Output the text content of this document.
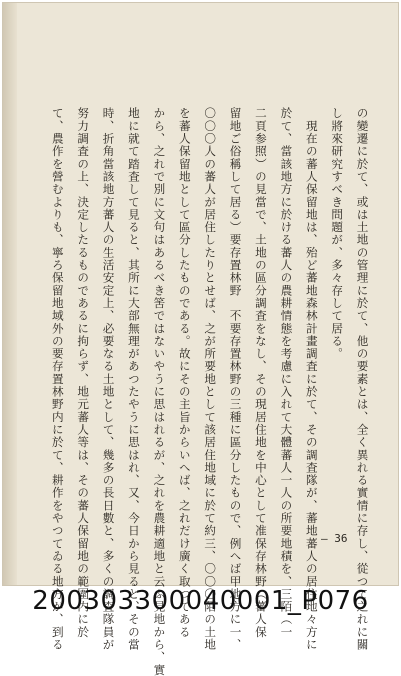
の變遷に於て、或は土地の管理に於て、他の要素とは、全く異れる實情に存し、從つて之れに關
し將來研究すべき問題が、多々存して居る。
　現在の蕃人保留地は、殆ど蕃地森林計畫調査に於て、その調査隊が、蕃地蕃人の居住地々方に
於て、當該地方に於ける蕃人の農耕情態を考慮に入れて大體蕃人一人の所要地積を、三陌（一
二頁参照）の見當で、土地の區分調査をなし、その現居住地を中心として准保存林野（蕃人保
留地ご俗稱して居る）要存置林野　不要存置林野の三種に區分したもので、例へば甲地方に一、
〇〇〇人の蕃人が居住したりとせば、之が所要地として該居住地域に於て約三、〇〇〇陌の土地
を蕃人保留地として區分したものである。故にその主旨からいへば、之れだけ廣く取つてある
から、之れで別に文句はあるべき筈ではないやうに思はれるが、之れを農耕適地と云ふ見地から、實
地に就て踏査して見ると、其所に大部無理があつたやうに思はれ、又、今日から見ると、その當
時、折角當該地方蕃人の生活安定上、必要なる土地として、幾多の長日數と、多くの調査隊員が
努力調査の上、決定したるものであるに拘らず、地元蕃人等は、その蕃人保留地の範圍内に於
て、農作を營むよりも、寧ろ保留地域外の要存置林野内に於て、耕作をやつてゐる地方が、到る	— 36
200303300040001_P076
